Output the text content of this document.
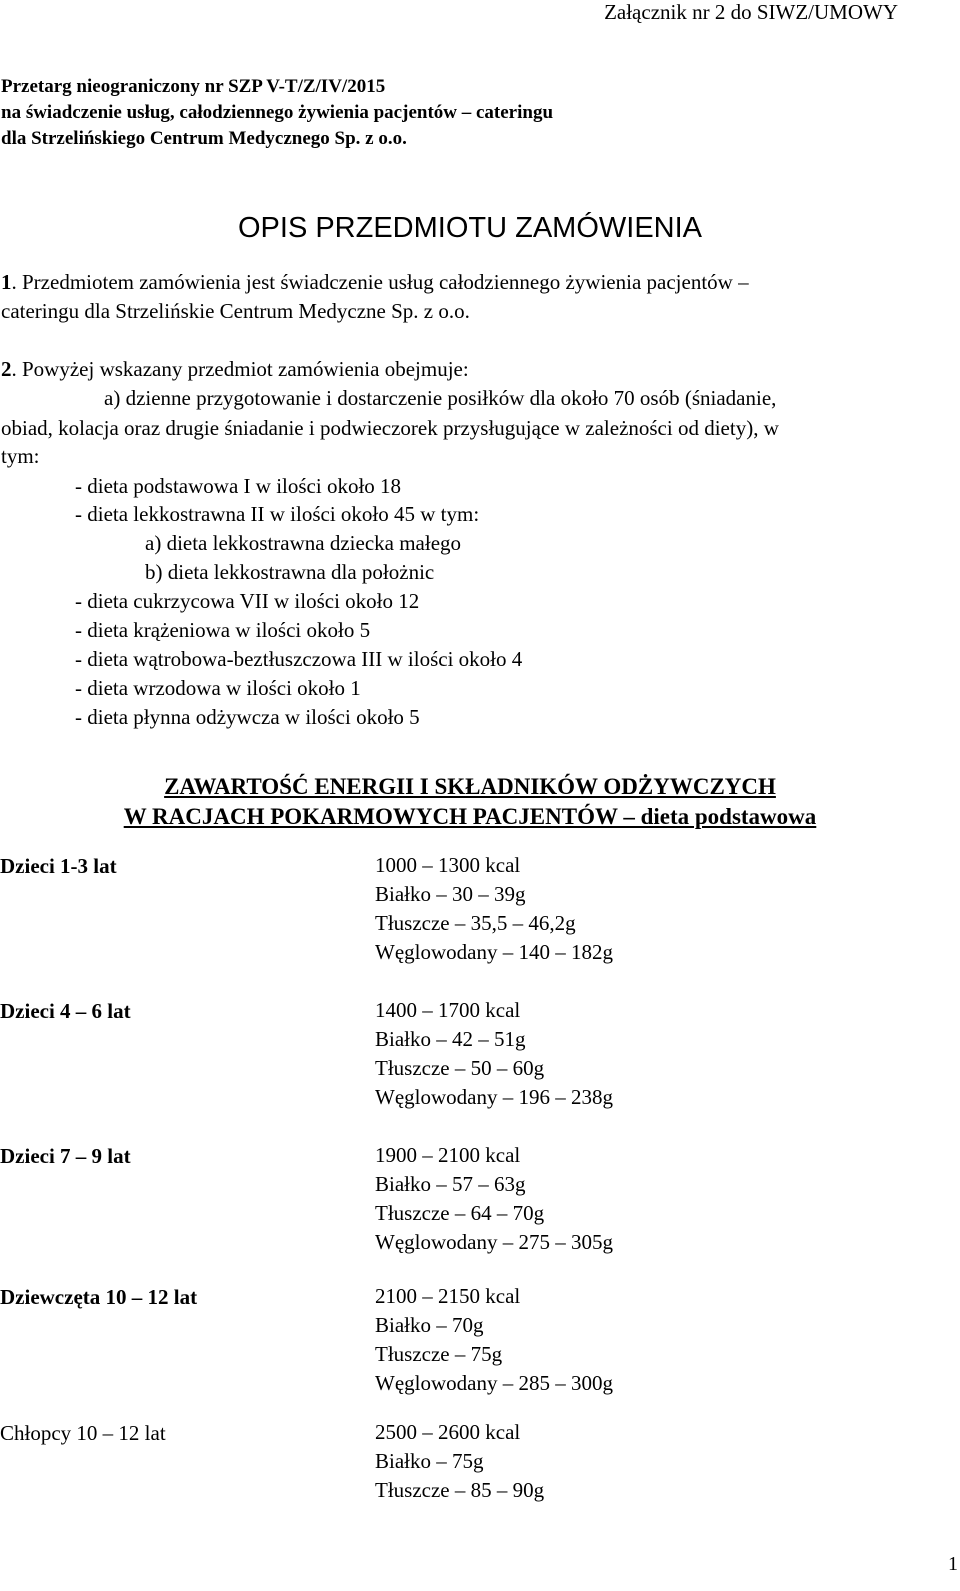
Załącznik nr 2 do SIWZ/UMOWY
Przetarg nieograniczony nr SZP V-T/Z/IV/2015
na świadczenie usług, całodziennego żywienia pacjentów – cateringu
dla Strzelińskiego Centrum Medycznego Sp. z o.o.
OPIS PRZEDMIOTU ZAMÓWIENIA
1. Przedmiotem zamówienia jest świadczenie usług całodziennego żywienia pacjentów –
cateringu dla Strzelińskie Centrum Medyczne Sp. z o.o.
2. Powyżej wskazany przedmiot zamówienia obejmuje:
a) dzienne przygotowanie i dostarczenie posiłków dla około 70 osób (śniadanie,
obiad, kolacja oraz drugie śniadanie i podwieczorek przysługujące w zależności od diety), w
tym:
- dieta podstawowa I w ilości około 18
- dieta lekkostrawna II w ilości około 45 w tym:
a) dieta lekkostrawna dziecka małego
b) dieta lekkostrawna dla położnic
- dieta cukrzycowa VII w ilości około 12
- dieta krążeniowa w ilości około 5
- dieta wątrobowa-beztłuszczowa III w ilości około 4
- dieta wrzodowa w ilości około 1
- dieta płynna odżywcza w ilości około 5
ZAWARTOŚĆ ENERGII I SKŁADNIKÓW ODŻYWCZYCH
W RACJACH POKARMOWYCH PACJENTÓW – dieta podstawowa
Dzieci 1-3 lat	1000 – 1300 kcal
Białko – 30 – 39g
Tłuszcze – 35,5 – 46,2g
Węglowodany – 140 – 182g
Dzieci 4 – 6 lat	1400 – 1700 kcal
Białko – 42 – 51g
Tłuszcze – 50 – 60g
Węglowodany – 196 – 238g
Dzieci 7 – 9 lat	1900 – 2100 kcal
Białko – 57 – 63g
Tłuszcze – 64 – 70g
Węglowodany – 275 – 305g
Dziewczęta 10 – 12 lat	2100 – 2150 kcal
Białko – 70g
Tłuszcze – 75g
Węglowodany – 285 – 300g
Chłopcy 10 – 12 lat	2500 – 2600 kcal
Białko – 75g
Tłuszcze – 85 – 90g
1
